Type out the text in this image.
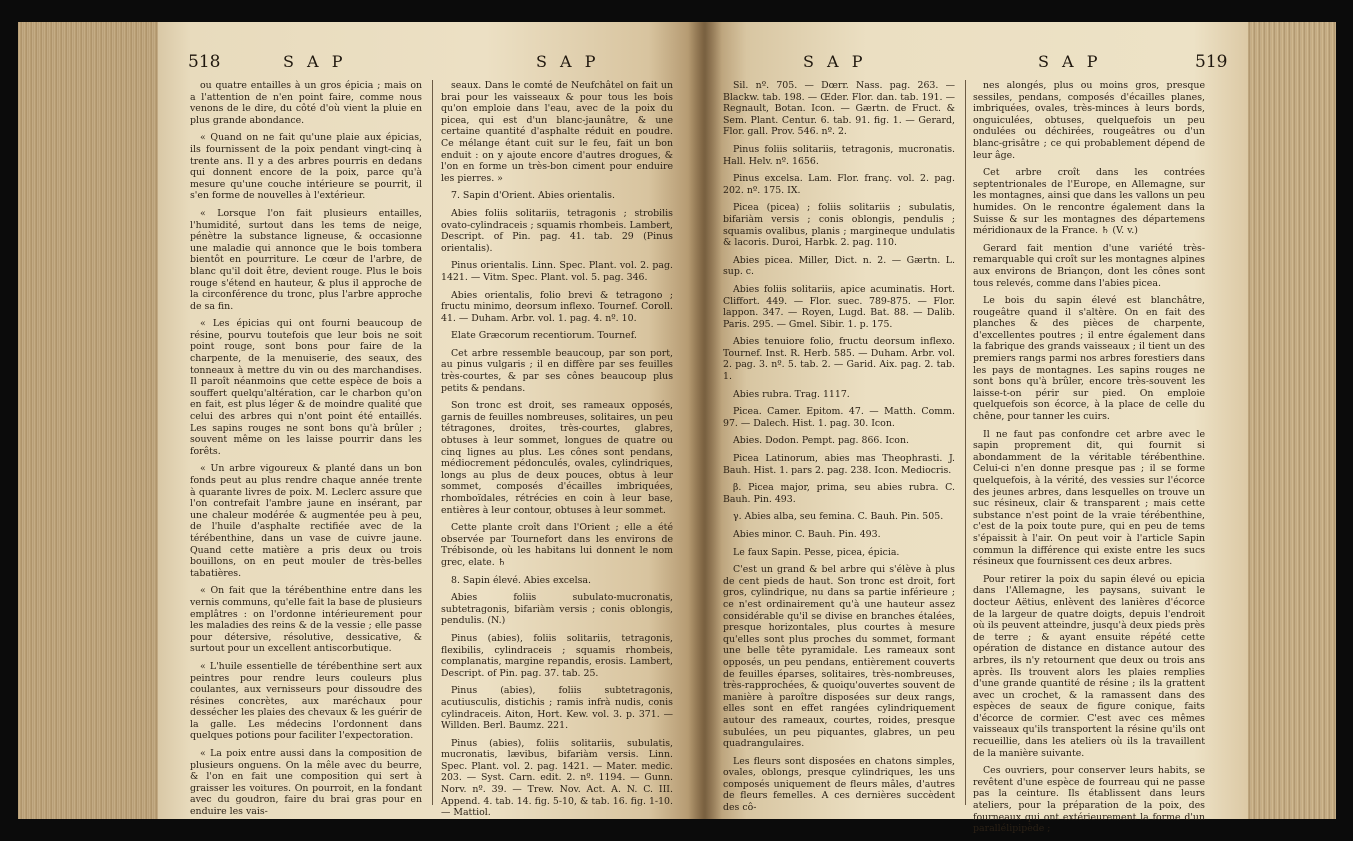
518	S A P	S A P

ou quatre entailles à un gros épicia ; mais on a l'attention de n'en point faire, comme nous venons de le dire, du côté d'où vient la pluie en plus grande abondance.

« Quand on ne fait qu'une plaie aux épicias, ils fournissent de la poix pendant vingt-cinq à trente ans. Il y a des arbres pourris en dedans qui donnent encore de la poix, parce qu'à mesure qu'une couche intérieure se pourrit, il s'en forme de nouvelles à l'extérieur.

« Lorsque l'on fait plusieurs entailles, l'humidité, surtout dans les tems de neige, pénètre la substance ligneuse, & occasionne une maladie qui annonce que le bois tombera bientôt en pourriture. Le cœur de l'arbre, de blanc qu'il doit être, devient rouge. Plus le bois rouge s'étend en hauteur, & plus il approche de la circonférence du tronc, plus l'arbre approche de sa fin.

« Les épicias qui ont fourni beaucoup de résine, pourvu toutefois que leur bois ne soit point rouge, sont bons pour faire de la charpente, de la menuiserie, des seaux, des tonneaux à mettre du vin ou des marchandises. Il paroît néanmoins que cette espèce de bois a souffert quelqu'altération, car le charbon qu'on en fait, est plus léger & de moindre qualité que celui des arbres qui n'ont point été entaillés. Les sapins rouges ne sont bons qu'à brûler ; souvent même on les laisse pourrir dans les forêts.

« Un arbre vigoureux & planté dans un bon fonds peut au plus rendre chaque année trente à quarante livres de poix. M. Leclerc assure que l'on contrefait l'ambre jaune en insérant, par une chaleur modérée & augmentée peu à peu, de l'huile d'asphalte rectifiée avec de la térébenthine, dans un vase de cuivre jaune. Quand cette matière a pris deux ou trois bouillons, on en peut mouler de très-belles tabatières.

« On fait que la térébenthine entre dans les vernis communs, qu'elle fait la base de plusieurs emplâtres : on l'ordonne intérieurement pour les maladies des reins & de la vessie ; elle passe pour détersive, résolutive, dessicative, & surtout pour un excellent antiscorbutique.

« L'huile essentielle de térébenthine sert aux peintres pour rendre leurs couleurs plus coulantes, aux vernisseurs pour dissoudre des résines concrètes, aux maréchaux pour dessécher les plaies des chevaux & les guérir de la galle. Les médecins l'ordonnent dans quelques potions pour faciliter l'expectoration.

« La poix entre aussi dans la composition de plusieurs onguens. On la mêle avec du beurre, & l'on en fait une composition qui sert à graisser les voitures. On pourroit, en la fondant avec du goudron, faire du brai gras pour en enduire les vais-

seaux. Dans le comté de Neufchâtel on fait un brai pour les vaisseaux & pour tous les bois qu'on emploie dans l'eau, avec de la poix du picea, qui est d'un blanc-jaunâtre, & une certaine quantité d'asphalte réduit en poudre. Ce mélange étant cuit sur le feu, fait un bon enduit : on y ajoute encore d'autres drogues, & l'on en forme un très-bon ciment pour enduire les pierres. »

7. Sapin d'Orient. Abies orientalis.

Abies foliis solitariis, tetragonis ; strobilis ovato-cylindraceis ; squamis rhombeis. Lambert, Descript. of Pin. pag. 41. tab. 29 (Pinus orientalis).

Pinus orientalis. Linn. Spec. Plant. vol. 2. pag. 1421. — Vitm. Spec. Plant. vol. 5. pag. 346.

Abies orientalis, folio brevi & tetragono ; fructu minimo, deorsum inflexo. Tournef. Coroll. 41. — Duham. Arbr. vol. 1. pag. 4. nº. 10.

Elate Græcorum recentiorum. Tournef.

Cet arbre ressemble beaucoup, par son port, au pinus vulgaris ; il en diffère par ses feuilles très-courtes, & par ses cônes beaucoup plus petits & pendans.

Son tronc est droit, ses rameaux opposés, garnis de feuilles nombreuses, solitaires, un peu tétragones, droites, très-courtes, glabres, obtuses à leur sommet, longues de quatre ou cinq lignes au plus. Les cônes sont pendans, médiocrement pédonculés, ovales, cylindriques, longs au plus de deux pouces, obtus à leur sommet, composés d'écailles imbriquées, rhomboïdales, rétrécies en coin à leur base, entières à leur contour, obtuses à leur sommet.

Cette plante croît dans l'Orient ; elle a été observée par Tournefort dans les environs de Trébisonde, où les habitans lui donnent le nom grec, elate. ♄

8. Sapin élevé. Abies excelsa.

Abies foliis subulato-mucronatis, subtetragonis, bifariàm versis ; conis oblongis, pendulis. (N.)

Pinus (abies), foliis solitariis, tetragonis, flexibilis, cylindraceis ; squamis rhombeis, complanatis, margine repandis, erosis. Lambert, Descript. of Pin. pag. 37. tab. 25.

Pinus (abies), foliis subtetragonis, acutiusculis, distichis ; ramis infrà nudis, conis cylindraceis. Aiton, Hort. Kew. vol. 3. p. 371. — Willden. Berl. Baumz. 221.

Pinus (abies), foliis solitariis, subulatis, mucronatis, lævibus, bifariàm versis. Linn. Spec. Plant. vol. 2. pag. 1421. — Mater. medic. 203. — Syst. Carn. edit. 2. nº. 1194. — Gunn. Norv. nº. 39. — Trew. Nov. Act. A. N. C. III. Append. 4. tab. 14. fig. 5-10, & tab. 16. fig. 1-10. — Mattiol.

S A P	S A P	519

Sil. nº. 705. — Dœrr. Nass. pag. 263. — Blackw. tab. 198. — Œder. Flor. dan. tab. 191. — Regnault, Botan. Icon. — Gærtn. de Fruct. & Sem. Plant. Centur. 6. tab. 91. fig. 1. — Gerard, Flor. gall. Prov. 546. nº. 2.

Pinus foliis solitariis, tetragonis, mucronatis. Hall. Helv. nº. 1656.

Pinus excelsa. Lam. Flor. franç. vol. 2. pag. 202. nº. 175. IX.

Picea (picea) ; foliis solitariis ; subulatis, bifariàm versis ; conis oblongis, pendulis ; squamis ovalibus, planis ; margineque undulatis & lacoris. Duroi, Harbk. 2. pag. 110.

Abies picea. Miller, Dict. n. 2. — Gærtn. L. sup. c.

Abies foliis solitariis, apice acuminatis. Hort. Cliffort. 449. — Flor. suec. 789-875. — Flor. lappon. 347. — Royen, Lugd. Bat. 88. — Dalib. Paris. 295. — Gmel. Sibir. 1. p. 175.

Abies tenuiore folio, fructu deorsum inflexo. Tournef. Inst. R. Herb. 585. — Duham. Arbr. vol. 2. pag. 3. nº. 5. tab. 2. — Garid. Aix. pag. 2. tab. 1.

Abies rubra. Trag. 1117.

Picea. Camer. Epitom. 47. — Matth. Comm. 97. — Dalech. Hist. 1. pag. 30. Icon.

Abies. Dodon. Pempt. pag. 866. Icon.

Picea Latinorum, abies mas Theophrasti. J. Bauh. Hist. 1. pars 2. pag. 238. Icon. Mediocris.

β. Picea major, prima, seu abies rubra. C. Bauh. Pin. 493.

γ. Abies alba, seu femina. C. Bauh. Pin. 505.

Abies minor. C. Bauh. Pin. 493.

Le faux Sapin. Pesse, picea, épicia.

C'est un grand & bel arbre qui s'élève à plus de cent pieds de haut. Son tronc est droit, fort gros, cylindrique, nu dans sa partie inférieure ; ce n'est ordinairement qu'à une hauteur assez considérable qu'il se divise en branches étalées, presque horizontales, plus courtes à mesure qu'elles sont plus proches du sommet, formant une belle tête pyramidale. Les rameaux sont opposés, un peu pendans, entièrement couverts de feuilles éparses, solitaires, très-nombreuses, très-rapprochées, & quoiqu'ouvertes souvent de manière à paroître disposées sur deux rangs, elles sont en effet rangées cylindriquement autour des rameaux, courtes, roides, presque subulées, un peu piquantes, glabres, un peu quadrangulaires.

Les fleurs sont disposées en chatons simples, ovales, oblongs, presque cylindriques, les uns composés uniquement de fleurs mâles, d'autres de fleurs femelles. A ces dernières succèdent des cô-

nes alongés, plus ou moins gros, presque sessiles, pendans, composés d'écailles planes, imbriquées, ovales, très-minces à leurs bords, onguiculées, obtuses, quelquefois un peu ondulées ou déchirées, rougeâtres ou d'un blanc-grisâtre ; ce qui probablement dépend de leur âge.

Cet arbre croît dans les contrées septentrionales de l'Europe, en Allemagne, sur les montagnes, ainsi que dans les vallons un peu humides. On le rencontre également dans la Suisse & sur les montagnes des départemens méridionaux de la France. ♄ (V. v.)

Gerard fait mention d'une variété très-remarquable qui croît sur les montagnes alpines aux environs de Briançon, dont les cônes sont tous relevés, comme dans l'abies picea.

Le bois du sapin élevé est blanchâtre, rougeâtre quand il s'altère. On en fait des planches & des pièces de charpente, d'excellentes poutres ; il entre également dans la fabrique des grands vaisseaux ; il tient un des premiers rangs parmi nos arbres forestiers dans les pays de montagnes. Les sapins rouges ne sont bons qu'à brûler, encore très-souvent les laisse-t-on périr sur pied. On emploie quelquefois son écorce, à la place de celle du chêne, pour tanner les cuirs.

Il ne faut pas confondre cet arbre avec le sapin proprement dit, qui fournit si abondamment de la véritable térébenthine. Celui-ci n'en donne presque pas ; il se forme quelquefois, à la vérité, des vessies sur l'écorce des jeunes arbres, dans lesquelles on trouve un suc résineux, clair & transparent ; mais cette substance n'est point de la vraie térébenthine, c'est de la poix toute pure, qui en peu de tems s'épaissit à l'air. On peut voir à l'article Sapin commun la différence qui existe entre les sucs résineux que fournissent ces deux arbres.

Pour retirer la poix du sapin élevé ou epicia dans l'Allemagne, les paysans, suivant le docteur Aëtius, enlèvent des lanières d'écorce de la largeur de quatre doigts, depuis l'endroit où ils peuvent atteindre, jusqu'à deux pieds près de terre ; & ayant ensuite répété cette opération de distance en distance autour des arbres, ils n'y retournent que deux ou trois ans après. Ils trouvent alors les plaies remplies d'une grande quantité de résine ; ils la grattent avec un crochet, & la ramassent dans des espèces de seaux de figure conique, faits d'écorce de cormier. C'est avec ces mêmes vaisseaux qu'ils transportent la résine qu'ils ont recueillie, dans les ateliers où ils la travaillent de la manière suivante.

Ces ouvriers, pour conserver leurs habits, se revêtent d'une espèce de fourreau qui ne passe pas la ceinture. Ils établissent dans leurs ateliers, pour la préparation de la poix, des fourneaux qui ont extérieurement la forme d'un parallélipipède ;
